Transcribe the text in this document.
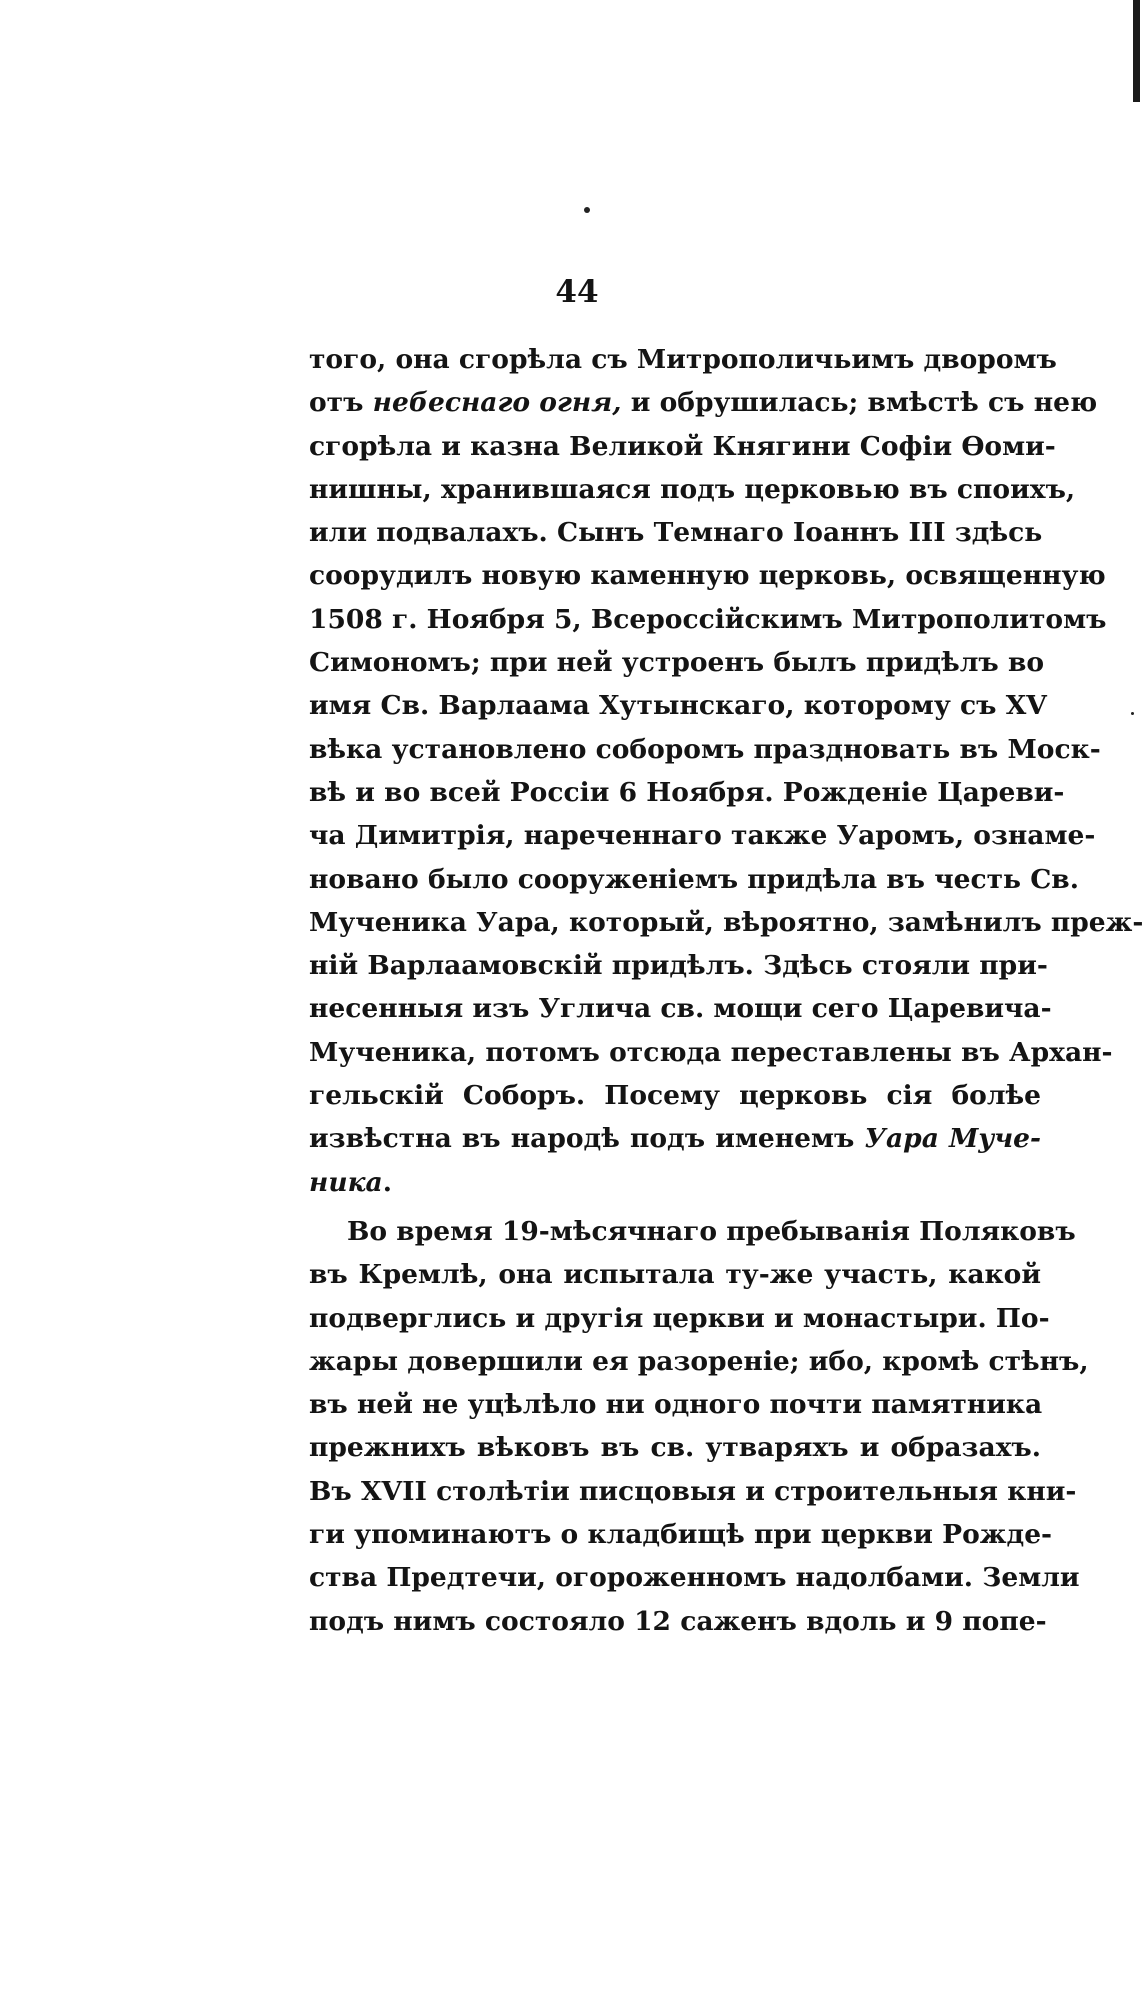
44
того, она сгорѣла съ Митрополичьимъ дворомъ
отъ небеснаго огня, и обрушилась; вмѣстѣ съ нею
сгорѣла и казна Великой Княгини Софіи Ѳоми-
нишны, хранившаяся подъ церковью въ споихъ,
или подвалахъ. Сынъ Темнаго Іоаннъ III здѣсь
соорудилъ новую каменную церковь, освященную
1508 г. Ноября 5, Всероссійскимъ Митрополитомъ
Симономъ; при ней устроенъ былъ придѣлъ во
имя Св. Варлаама Хутынскаго, которому съ XV
вѣка установлено соборомъ праздновать въ Моск-
вѣ и во всей Россіи 6 Ноября. Рожденіе Цареви-
ча Димитрія, нареченнаго также Уаромъ, ознаме-
новано было сооруженіемъ придѣла въ честь Св.
Мученика Уара, который, вѣроятно, замѣнилъ преж-
ній Варлаамовскій придѣлъ. Здѣсь стояли при-
несенныя изъ Углича св. мощи сего Царевича-
Мученика, потомъ отсюда переставлены въ Архан-
гельскій Соборъ. Посему церковь сія болѣе
извѣстна въ народѣ подъ именемъ Уара Муче-
ника.
Во время 19-мѣсячнаго пребыванія Поляковъ
въ Кремлѣ, она испытала ту-же участь, какой
подверглись и другія церкви и монастыри. По-
жары довершили ея разореніе; ибо, кромѣ стѣнъ,
въ ней не уцѣлѣло ни одного почти памятника
прежнихъ вѣковъ въ св. утваряхъ и образахъ.
Въ XVII столѣтіи писцовыя и строительныя кни-
ги упоминаютъ о кладбищѣ при церкви Рожде-
ства Предтечи, огороженномъ надолбами. Земли
подъ нимъ состояло 12 саженъ вдоль и 9 попе-
